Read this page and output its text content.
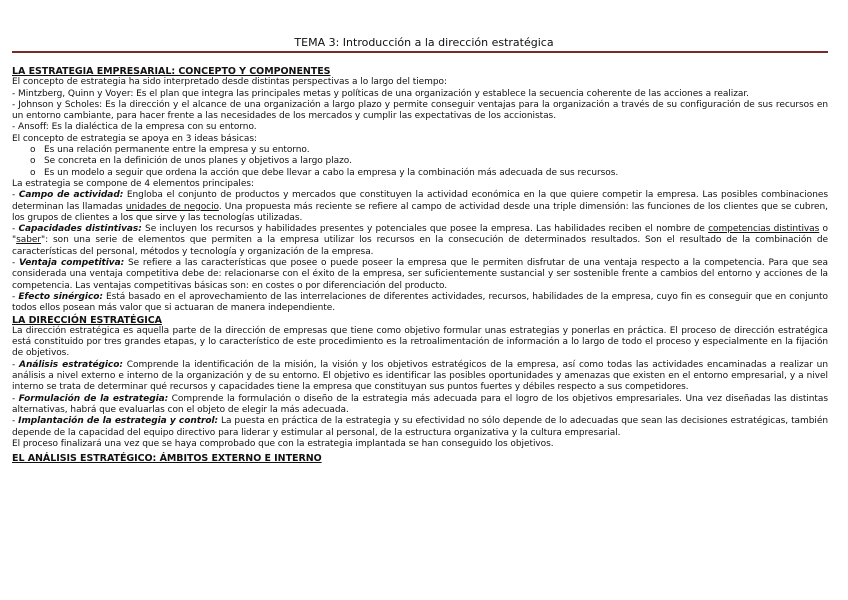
TEMA 3: Introducción a la dirección estratégica

LA ESTRATEGIA EMPRESARIAL: CONCEPTO Y COMPONENTES

El concepto de estrategia ha sido interpretado desde distintas perspectivas a lo largo del tiempo:

- Mintzberg, Quinn y Voyer: Es el plan que integra las principales metas y políticas de una organización y establece la secuencia coherente de las acciones a realizar.

- Johnson y Scholes: Es la dirección y el alcance de una organización a largo plazo y permite conseguir ventajas para la organización a través de su configuración de sus recursos en un entorno cambiante, para hacer frente a las necesidades de los mercados y cumplir las expectativas de los accionistas.

- Ansoff: Es la dialéctica de la empresa con su entorno.

El concepto de estrategia se apoya en 3 ideas básicas:

o Es una relación permanente entre la empresa y su entorno.

o Se concreta en la definición de unos planes y objetivos a largo plazo.

o Es un modelo a seguir que ordena la acción que debe llevar a cabo la empresa y la combinación más adecuada de sus recursos.

La estrategia se compone de 4 elementos principales:

- Campo de actividad: Engloba el conjunto de productos y mercados que constituyen la actividad económica en la que quiere competir la empresa. Las posibles combinaciones determinan las llamadas unidades de negocio. Una propuesta más reciente se refiere al campo de actividad desde una triple dimensión: las funciones de los clientes que se cubren, los grupos de clientes a los que sirve y las tecnologías utilizadas.

- Capacidades distintivas: Se incluyen los recursos y habilidades presentes y potenciales que posee la empresa. Las habilidades reciben el nombre de competencias distintivas o "saber": son una serie de elementos que permiten a la empresa utilizar los recursos en la consecución de determinados resultados. Son el resultado de la combinación de características del personal, métodos y tecnología y organización de la empresa.

- Ventaja competitiva: Se refiere a las características que posee o puede poseer la empresa que le permiten disfrutar de una ventaja respecto a la competencia. Para que sea considerada una ventaja competitiva debe de: relacionarse con el éxito de la empresa, ser suficientemente sustancial y ser sostenible frente a cambios del entorno y acciones de la competencia. Las ventajas competitivas básicas son: en costes o por diferenciación del producto.

- Efecto sinérgico: Está basado en el aprovechamiento de las interrelaciones de diferentes actividades, recursos, habilidades de la empresa, cuyo fin es conseguir que en conjunto todos ellos posean más valor que si actuaran de manera independiente.

LA DIRECCIÓN ESTRATÉGICA

La dirección estratégica es aquella parte de la dirección de empresas que tiene como objetivo formular unas estrategias y ponerlas en práctica. El proceso de dirección estratégica está constituido por tres grandes etapas, y lo característico de este procedimiento es la retroalimentación de información a lo largo de todo el proceso y especialmente en la fijación de objetivos.

- Análisis estratégico: Comprende la identificación de la misión, la visión y los objetivos estratégicos de la empresa, así como todas las actividades encaminadas a realizar un análisis a nivel externo e interno de la organización y de su entorno. El objetivo es identificar las posibles oportunidades y amenazas que existen en el entorno empresarial, y a nivel interno se trata de determinar qué recursos y capacidades tiene la empresa que constituyan sus puntos fuertes y débiles respecto a sus competidores.

- Formulación de la estrategia: Comprende la formulación o diseño de la estrategia más adecuada para el logro de los objetivos empresariales. Una vez diseñadas las distintas alternativas, habrá que evaluarlas con el objeto de elegir la más adecuada.

- Implantación de la estrategia y control: La puesta en práctica de la estrategia y su efectividad no sólo depende de lo adecuadas que sean las decisiones estratégicas, también depende de la capacidad del equipo directivo para liderar y estimular al personal, de la estructura organizativa y la cultura empresarial.

El proceso finalizará una vez que se haya comprobado que con la estrategia implantada se han conseguido los objetivos.

EL ANÁLISIS ESTRATÉGICO: ÁMBITOS EXTERNO E INTERNO
